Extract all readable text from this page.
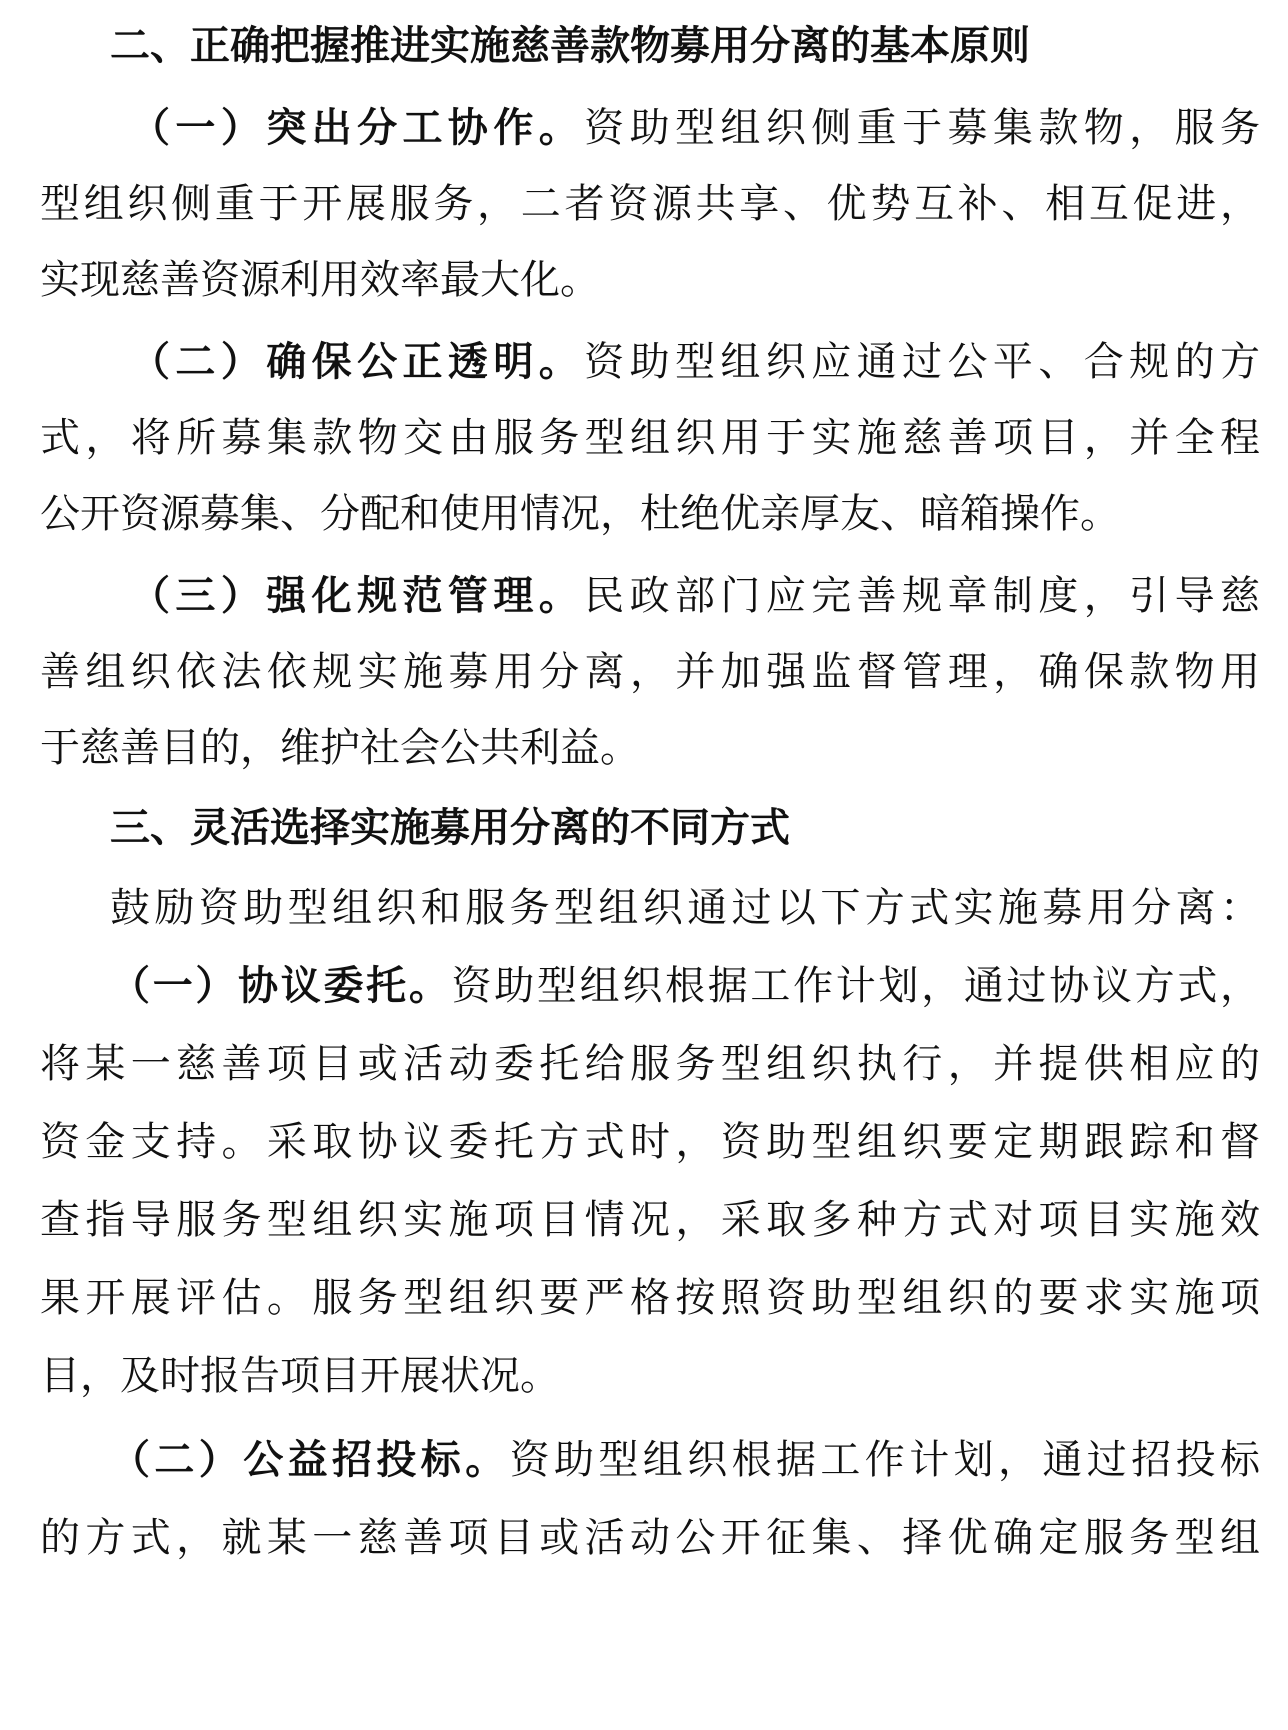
二、正确把握推进实施慈善款物募用分离的基本原则
（一）突出分工协作。资助型组织侧重于募集款物，服务
型组织侧重于开展服务，二者资源共享、优势互补、相互促进，
实现慈善资源利用效率最大化。
（二）确保公正透明。资助型组织应通过公平、合规的方
式，将所募集款物交由服务型组织用于实施慈善项目，并全程
公开资源募集、分配和使用情况，杜绝优亲厚友、暗箱操作。
（三）强化规范管理。民政部门应完善规章制度，引导慈
善组织依法依规实施募用分离，并加强监督管理，确保款物用
于慈善目的，维护社会公共利益。
三、灵活选择实施募用分离的不同方式
鼓励资助型组织和服务型组织通过以下方式实施募用分离：
（一）协议委托。资助型组织根据工作计划，通过协议方式，
将某一慈善项目或活动委托给服务型组织执行，并提供相应的
资金支持。采取协议委托方式时，资助型组织要定期跟踪和督
查指导服务型组织实施项目情况，采取多种方式对项目实施效
果开展评估。服务型组织要严格按照资助型组织的要求实施项
目，及时报告项目开展状况。
（二）公益招投标。资助型组织根据工作计划，通过招投标
的方式，就某一慈善项目或活动公开征集、择优确定服务型组
